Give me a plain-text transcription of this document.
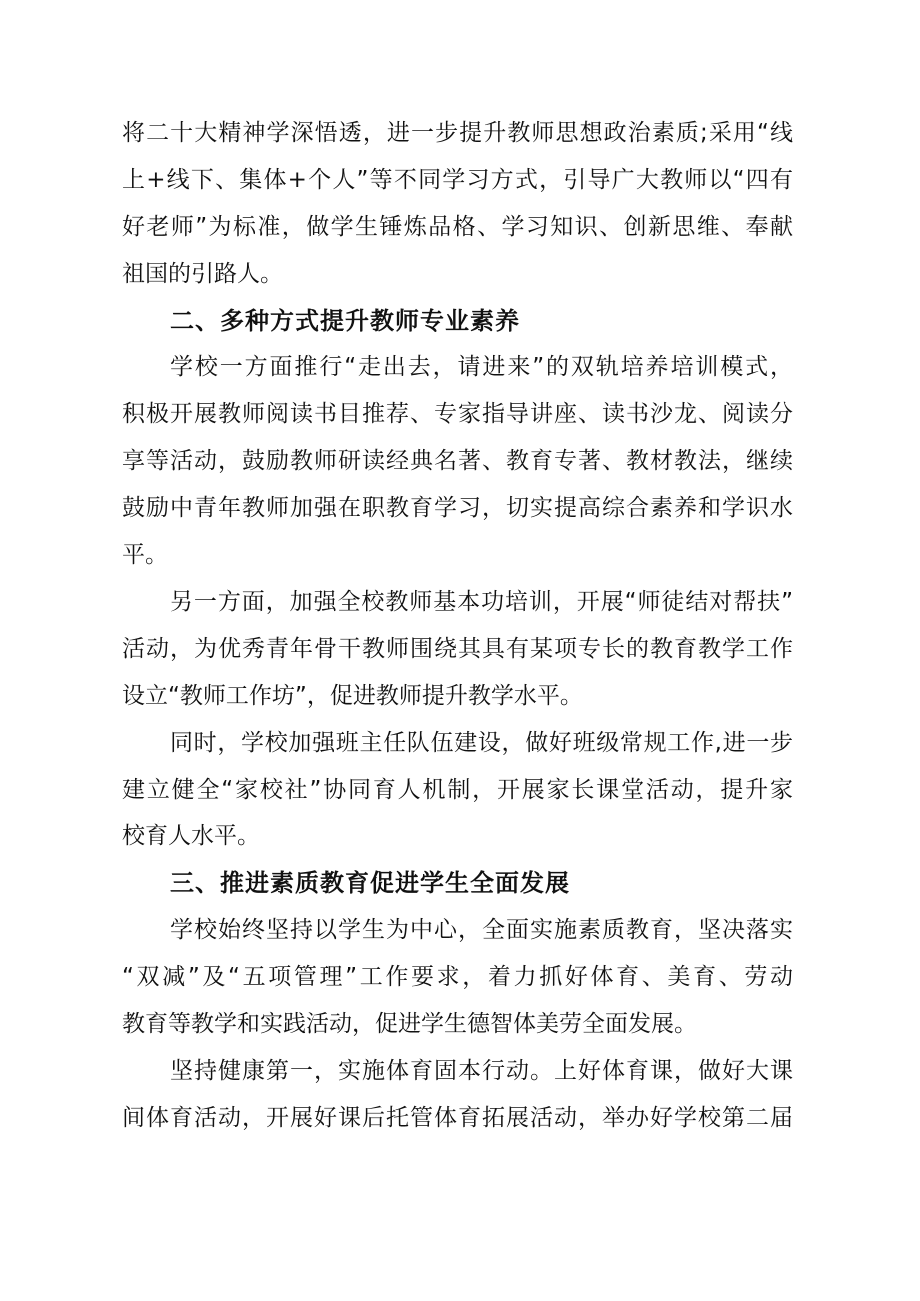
将二十大精神学深悟透，进一步提升教师思想政治素质;采用“线
上+线下、集体+个人”等不同学习方式，引导广大教师以“四有
好老师”为标准，做学生锤炼品格、学习知识、创新思维、奉献
祖国的引路人。
二、多种方式提升教师专业素养
学校一方面推行“走出去，请进来”的双轨培养培训模式，
积极开展教师阅读书目推荐、专家指导讲座、读书沙龙、阅读分
享等活动，鼓励教师研读经典名著、教育专著、教材教法，继续
鼓励中青年教师加强在职教育学习，切实提高综合素养和学识水
平。
另一方面，加强全校教师基本功培训，开展“师徒结对帮扶”
活动，为优秀青年骨干教师围绕其具有某项专长的教育教学工作
设立“教师工作坊”，促进教师提升教学水平。
同时，学校加强班主任队伍建设，做好班级常规工作,进一步
建立健全“家校社”协同育人机制，开展家长课堂活动，提升家
校育人水平。
三、推进素质教育促进学生全面发展
学校始终坚持以学生为中心，全面实施素质教育，坚决落实
“双减”及“五项管理”工作要求，着力抓好体育、美育、劳动
教育等教学和实践活动，促进学生德智体美劳全面发展。
坚持健康第一，实施体育固本行动。上好体育课，做好大课
间体育活动，开展好课后托管体育拓展活动，举办好学校第二届
